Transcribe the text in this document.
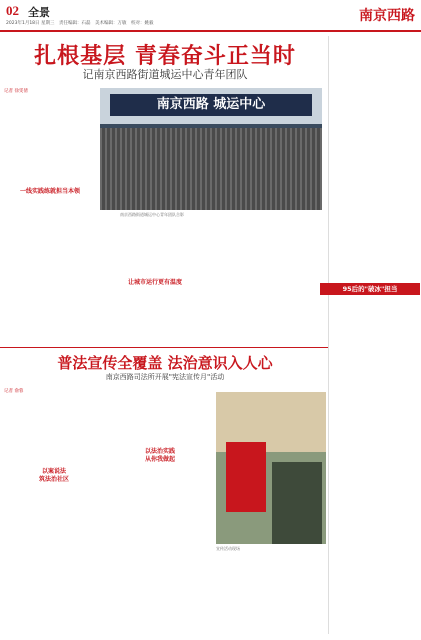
02 全景
2023年1月18日 星期三　责任编辑：石磊　美术编辑：万敏　校对：姚毅	南京西路
扎根基层 青春奋斗正当时
记南京西路街道城运中心青年团队
记者 徐雯倩

南京西路 城运中心
南京西路街道城运中心青年团队合影
一线实践练就担当本领
让城市运行更有温度
95后的"破冰"担当
普法宣传全覆盖 法治意识入人心
南京西路司法所开展"宪法宣传月"活动
记者 俞蓉
以案说法
筑法治社区
以法治实践
从你我做起
宣传活动现场
